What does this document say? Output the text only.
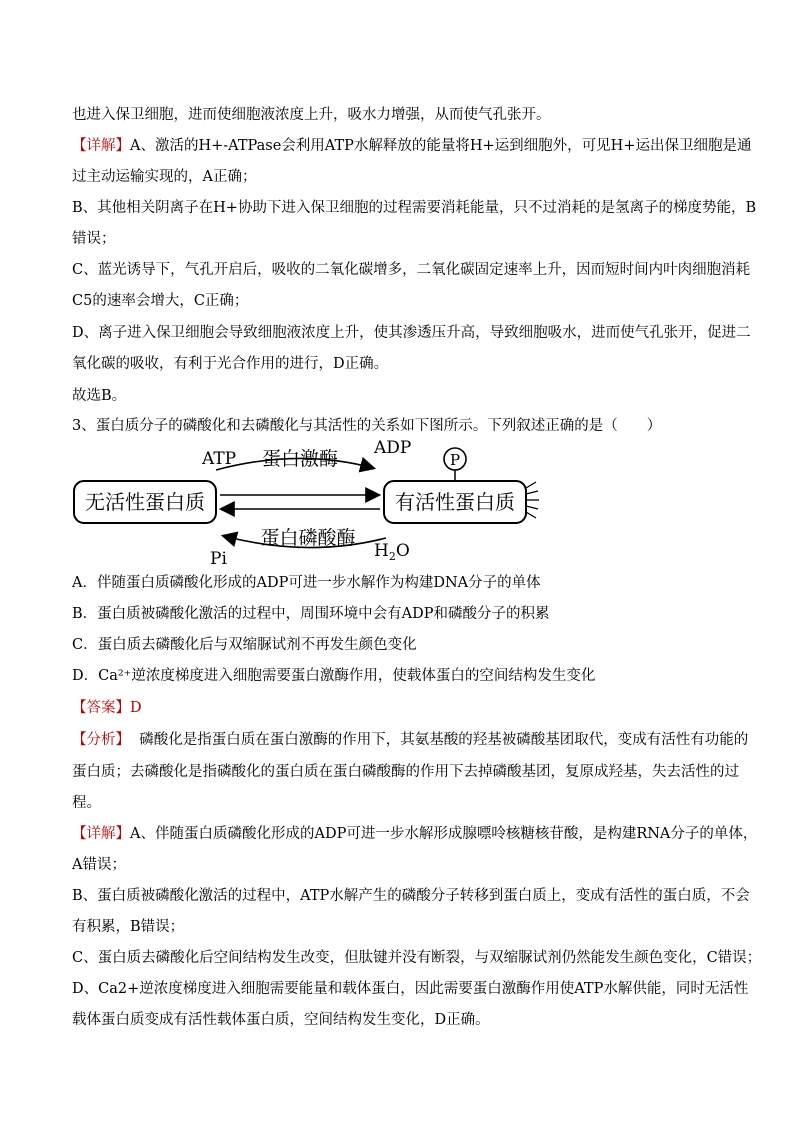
也进入保卫细胞，进而使细胞液浓度上升，吸水力增强，从而使气孔张开。
【详解】A、激活的H+-ATPase会利用ATP水解释放的能量将H+运到细胞外，可见H+运出保卫细胞是通
过主动运输实现的，A正确；
B、其他相关阴离子在H+协助下进入保卫细胞的过程需要消耗能量，只不过消耗的是氢离子的梯度势能，B
错误；
C、蓝光诱导下，气孔开启后，吸收的二氧化碳增多，二氧化碳固定速率上升，因而短时间内叶肉细胞消耗
C5的速率会增大，C正确；
D、离子进入保卫细胞会导致细胞液浓度上升，使其渗透压升高，导致细胞吸水，进而使气孔张开，促进二
氧化碳的吸收，有利于光合作用的进行，D正确。
故选B。
3、蛋白质分子的磷酸化和去磷酸化与其活性的关系如下图所示。下列叙述正确的是（　　）
无活性蛋白质	有活性蛋白质
P
ATP
ADP
蛋白激酶
Pi
蛋白磷酸酶
$H_2O$
A．伴随蛋白质磷酸化形成的ADP可进一步水解作为构建DNA分子的单体
B．蛋白质被磷酸化激活的过程中，周围环境中会有ADP和磷酸分子的积累
C．蛋白质去磷酸化后与双缩脲试剂不再发生颜色变化
D．Ca²⁺逆浓度梯度进入细胞需要蛋白激酶作用，使载体蛋白的空间结构发生变化
【答案】D
【分析】 磷酸化是指蛋白质在蛋白激酶的作用下，其氨基酸的羟基被磷酸基团取代，变成有活性有功能的
蛋白质；去磷酸化是指磷酸化的蛋白质在蛋白磷酸酶的作用下去掉磷酸基团，复原成羟基，失去活性的过
程。
【详解】A、伴随蛋白质磷酸化形成的ADP可进一步水解形成腺嘌呤核糖核苷酸，是构建RNA分子的单体，
A错误；
B、蛋白质被磷酸化激活的过程中，ATP水解产生的磷酸分子转移到蛋白质上，变成有活性的蛋白质，不会
有积累，B错误；
C、蛋白质去磷酸化后空间结构发生改变，但肽键并没有断裂，与双缩脲试剂仍然能发生颜色变化，C错误；
D、Ca2+逆浓度梯度进入细胞需要能量和载体蛋白，因此需要蛋白激酶作用使ATP水解供能，同时无活性
载体蛋白质变成有活性载体蛋白质，空间结构发生变化，D正确。
